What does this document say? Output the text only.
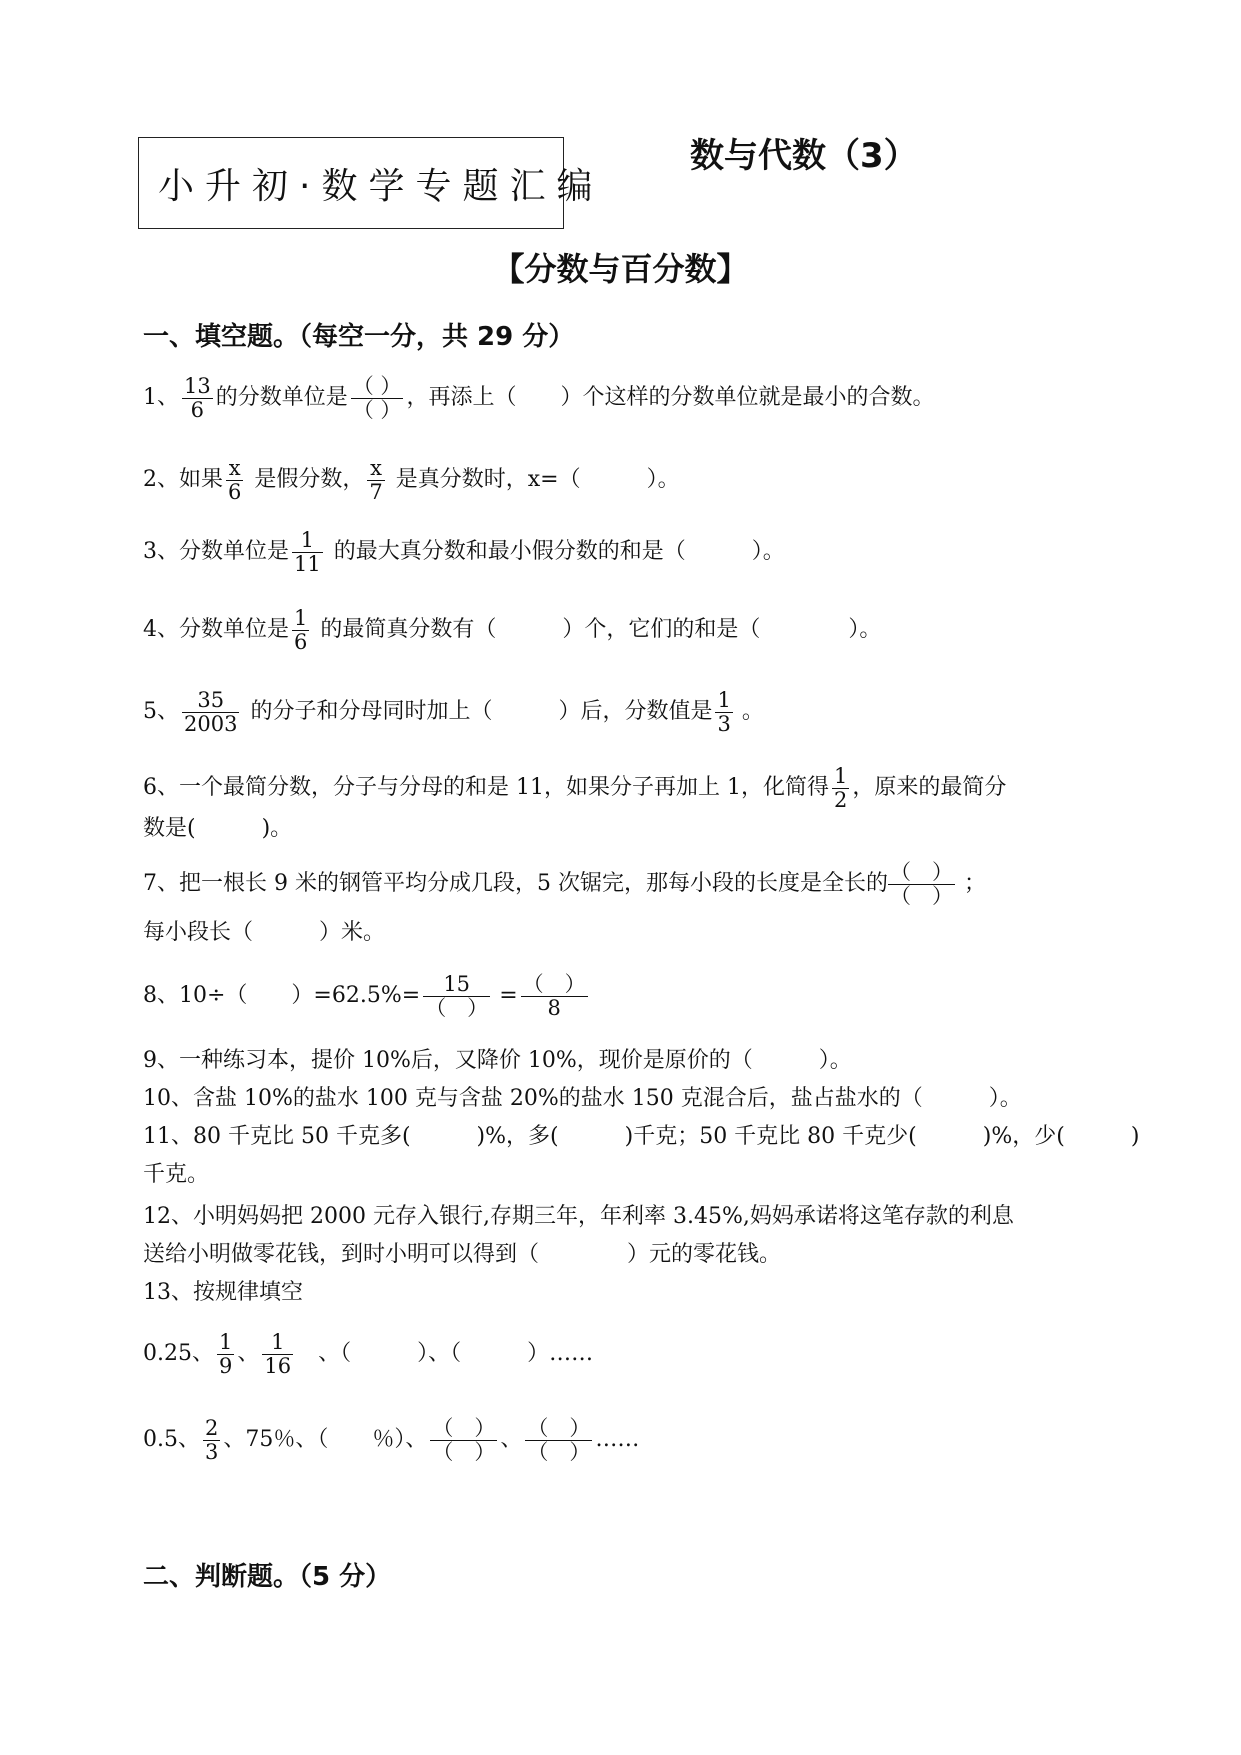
小升初·数学专题汇编
数与代数（3）
【分数与百分数】
一、填空题。（每空一分，共 29 分）
1、 $\frac{13}{6}$ 的分数单位是 $\frac{( )}{( )}$ ，再添上（　　）个这样的分数单位就是最小的合数。
2、如果 $\frac{x}{6}$ 是假分数， $\frac{x}{7}$ 是真分数时，x=（　　　）。
3、分数单位是 $\frac{1}{11}$ 的最大真分数和最小假分数的和是（　　　）。
4、分数单位是 $\frac{1}{6}$ 的最简真分数有（　　　）个，它们的和是（　　　　）。
5、 $\frac{35}{2003}$ 的分子和分母同时加上（　　　）后，分数值是 $\frac{1}{3}$ 。
6、一个最简分数，分子与分母的和是 11，如果分子再加上 1，化简得 $\frac{1}{2}$ ，原来的最简分
数是(　　　)。
7、把一根长 9 米的钢管平均分成几段，5 次锯完，那每小段的长度是全长的 $\frac{( )}{( )}$ ；
每小段长（　　　）米。
8、10÷（　　）$=62.5\%= \frac{15}{( )} = \frac{( )}{8}$
9、一种练习本，提价 10%后，又降价 10%，现价是原价的（　　　）。
10、含盐 10%的盐水 100 克与含盐 20%的盐水 150 克混合后，盐占盐水的（　　　）。
11、80 千克比 50 千克多(　　　)%，多(　　　)千克；50 千克比 80 千克少(　　　)%，少(　　　)
千克。
12、小明妈妈把 2000 元存入银行,存期三年，年利率 3.45%,妈妈承诺将这笔存款的利息
送给小明做零花钱，到时小明可以得到（　　　　）元的零花钱。
13、按规律填空
0.25、 $\frac{1}{9}$ 、 $\frac{1}{16}$ 　、（　　　）、（　　　）……
0.5、 $\frac{2}{3}$ 、75％、（　　％）、 $\frac{( )}{( )}$ 、 $\frac{( )}{( )}$ ……
二、判断题。（5 分）
